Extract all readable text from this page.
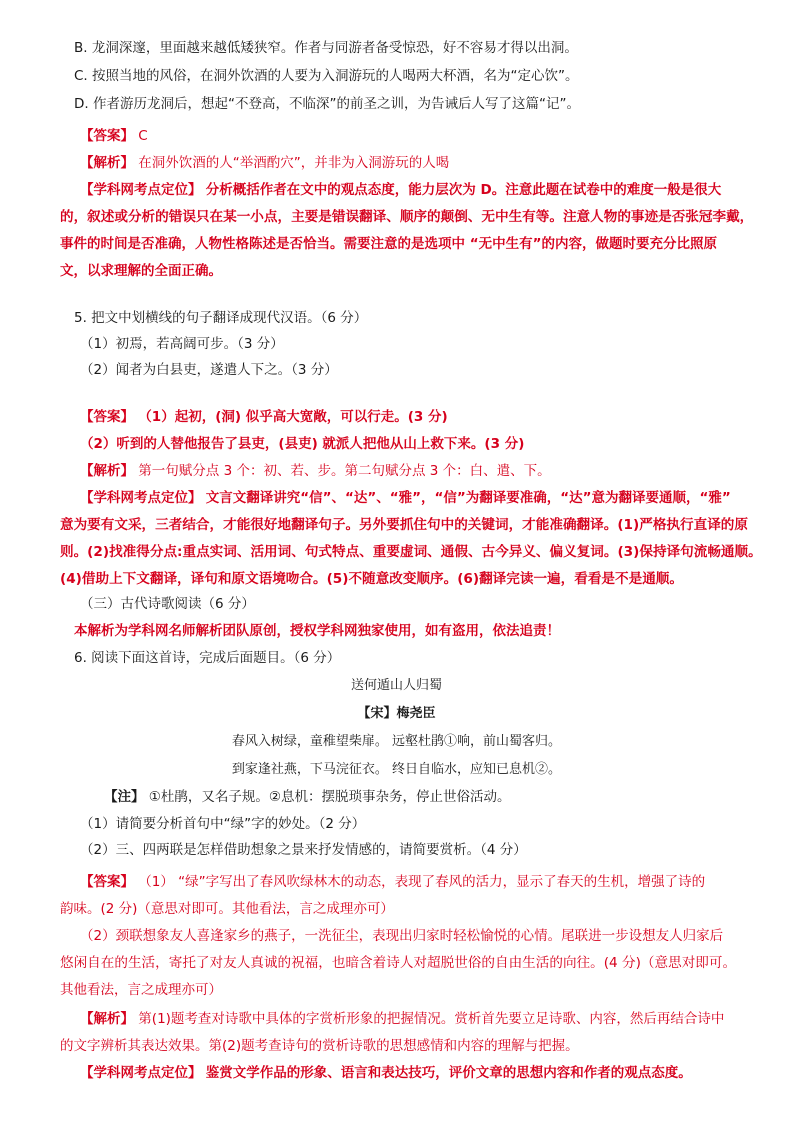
B. 龙洞深邃，里面越来越低矮狭窄。作者与同游者备受惊恐，好不容易才得以出洞。
C. 按照当地的风俗，在洞外饮酒的人要为入洞游玩的人喝两大杯酒，名为“定心饮”。
D. 作者游历龙洞后，想起“不登高，不临深”的前圣之训，为告诫后人写了这篇“记”。
【答案】 C
【解析】 在洞外饮酒的人“举酒酌穴”，并非为入洞游玩的人喝
【学科网考点定位】 分析概括作者在文中的观点态度，能力层次为 D。注意此题在试卷中的难度一般是很大
的，叙述或分析的错误只在某一小点，主要是错误翻译、顺序的颠倒、无中生有等。注意人物的事迹是否张冠李戴，
事件的时间是否准确，人物性格陈述是否恰当。需要注意的是选项中 “无中生有”的内容，做题时要充分比照原
文，以求理解的全面正确。
5. 把文中划横线的句子翻译成现代汉语。（6 分）
（1）初焉，若高阔可步。（3 分）
（2）闻者为白县吏，遂遣人下之。（3 分）
【答案】 （1）起初，(洞) 似乎高大宽敞，可以行走。(3 分)
（2）听到的人替他报告了县吏，(县吏) 就派人把他从山上救下来。(3 分)
【解析】 第一句赋分点 3 个：初、若、步。第二句赋分点 3 个：白、遣、下。
【学科网考点定位】 文言文翻译讲究“信”、“达”、“雅”，“信”为翻译要准确，“达”意为翻译要通顺，“雅”
意为要有文采，三者结合，才能很好地翻译句子。另外要抓住句中的关键词，才能准确翻译。(1)严格执行直译的原
则。(2)找准得分点:重点实词、活用词、句式特点、重要虚词、通假、古今异义、偏义复词。(3)保持译句流畅通顺。
(4)借助上下文翻译，译句和原文语境吻合。(5)不随意改变顺序。(6)翻译完读一遍，看看是不是通顺。
（三）古代诗歌阅读（6 分）
本解析为学科网名师解析团队原创，授权学科网独家使用，如有盗用，依法追责！
6. 阅读下面这首诗，完成后面题目。（6 分）
送何遁山人归蜀
【宋】梅尧臣
春风入树绿，童稚望柴扉。 远壑杜鹃①响，前山蜀客归。
到家逢社燕，下马浣征衣。 终日自临水，应知已息机②。
【注】 ①杜鹃，又名子规。②息机：摆脱琐事杂务，停止世俗活动。
（1）请简要分析首句中“绿”字的妙处。（2 分）
（2）三、四两联是怎样借助想象之景来抒发情感的，请简要赏析。（4 分）
【答案】 （1） “绿”字写出了春风吹绿林木的动态，表现了春风的活力，显示了春天的生机，增强了诗的
韵味。(2 分)（意思对即可。其他看法，言之成理亦可）
（2）颈联想象友人喜逢家乡的燕子，一洗征尘，表现出归家时轻松愉悦的心情。尾联进一步设想友人归家后
悠闲自在的生活，寄托了对友人真诚的祝福，也暗含着诗人对超脱世俗的自由生活的向往。(4 分)（意思对即可。
其他看法，言之成理亦可）
【解析】 第(1)题考查对诗歌中具体的字赏析形象的把握情况。赏析首先要立足诗歌、内容，然后再结合诗中
的文字辨析其表达效果。第(2)题考查诗句的赏析诗歌的思想感情和内容的理解与把握。
【学科网考点定位】 鉴赏文学作品的形象、语言和表达技巧，评价文章的思想内容和作者的观点态度。
